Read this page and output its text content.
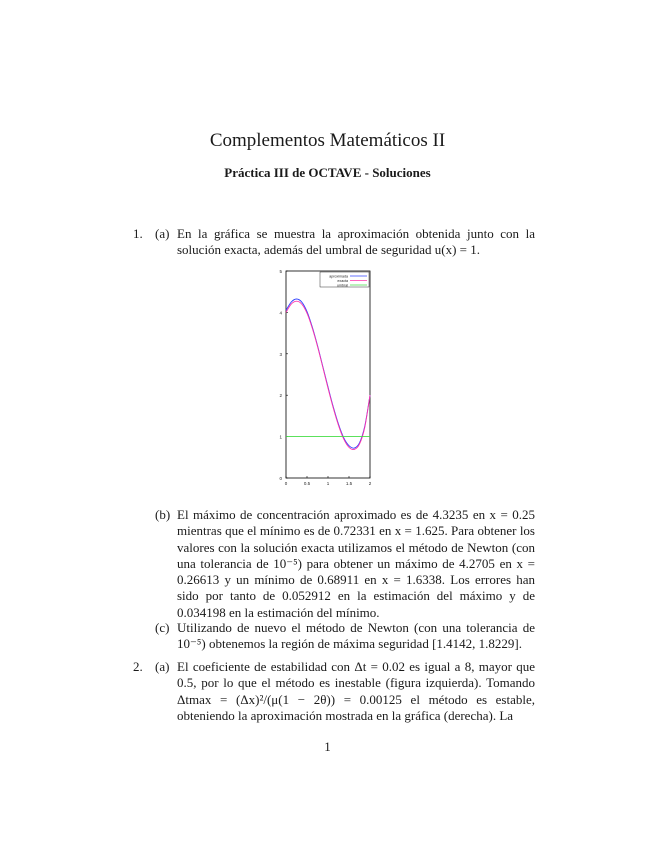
Complementos Matemáticos II
Práctica III de OCTAVE - Soluciones
1. (a) En la gráfica se muestra la aproximación obtenida junto con la solución exacta, además del umbral de seguridad u(x) = 1.
0
1
2
3
4
5
0	0.5	1	1.5	2
aproximada
exacta
umbral
(b) El máximo de concentración aproximado es de 4.3235 en x = 0.25 mientras que el mínimo es de 0.72331 en x = 1.625. Para obtener los valores con la solución exacta utilizamos el método de Newton (con una tolerancia de 10⁻⁵) para obtener un máximo de 4.2705 en x = 0.26613 y un mínimo de 0.68911 en x = 1.6338. Los errores han sido por tanto de 0.052912 en la estimación del máximo y de 0.034198 en la estimación del mínimo.
(c) Utilizando de nuevo el método de Newton (con una tolerancia de 10⁻⁵) obtenemos la región de máxima seguridad [1.4142, 1.8229].
2. (a) El coeficiente de estabilidad con Δt = 0.02 es igual a 8, mayor que 0.5, por lo que el método es inestable (figura izquierda). Tomando Δtmax = (Δx)²/(μ(1 − 2θ)) = 0.00125 el método es estable, obteniendo la aproximación mostrada en la gráfica (derecha). La
1
